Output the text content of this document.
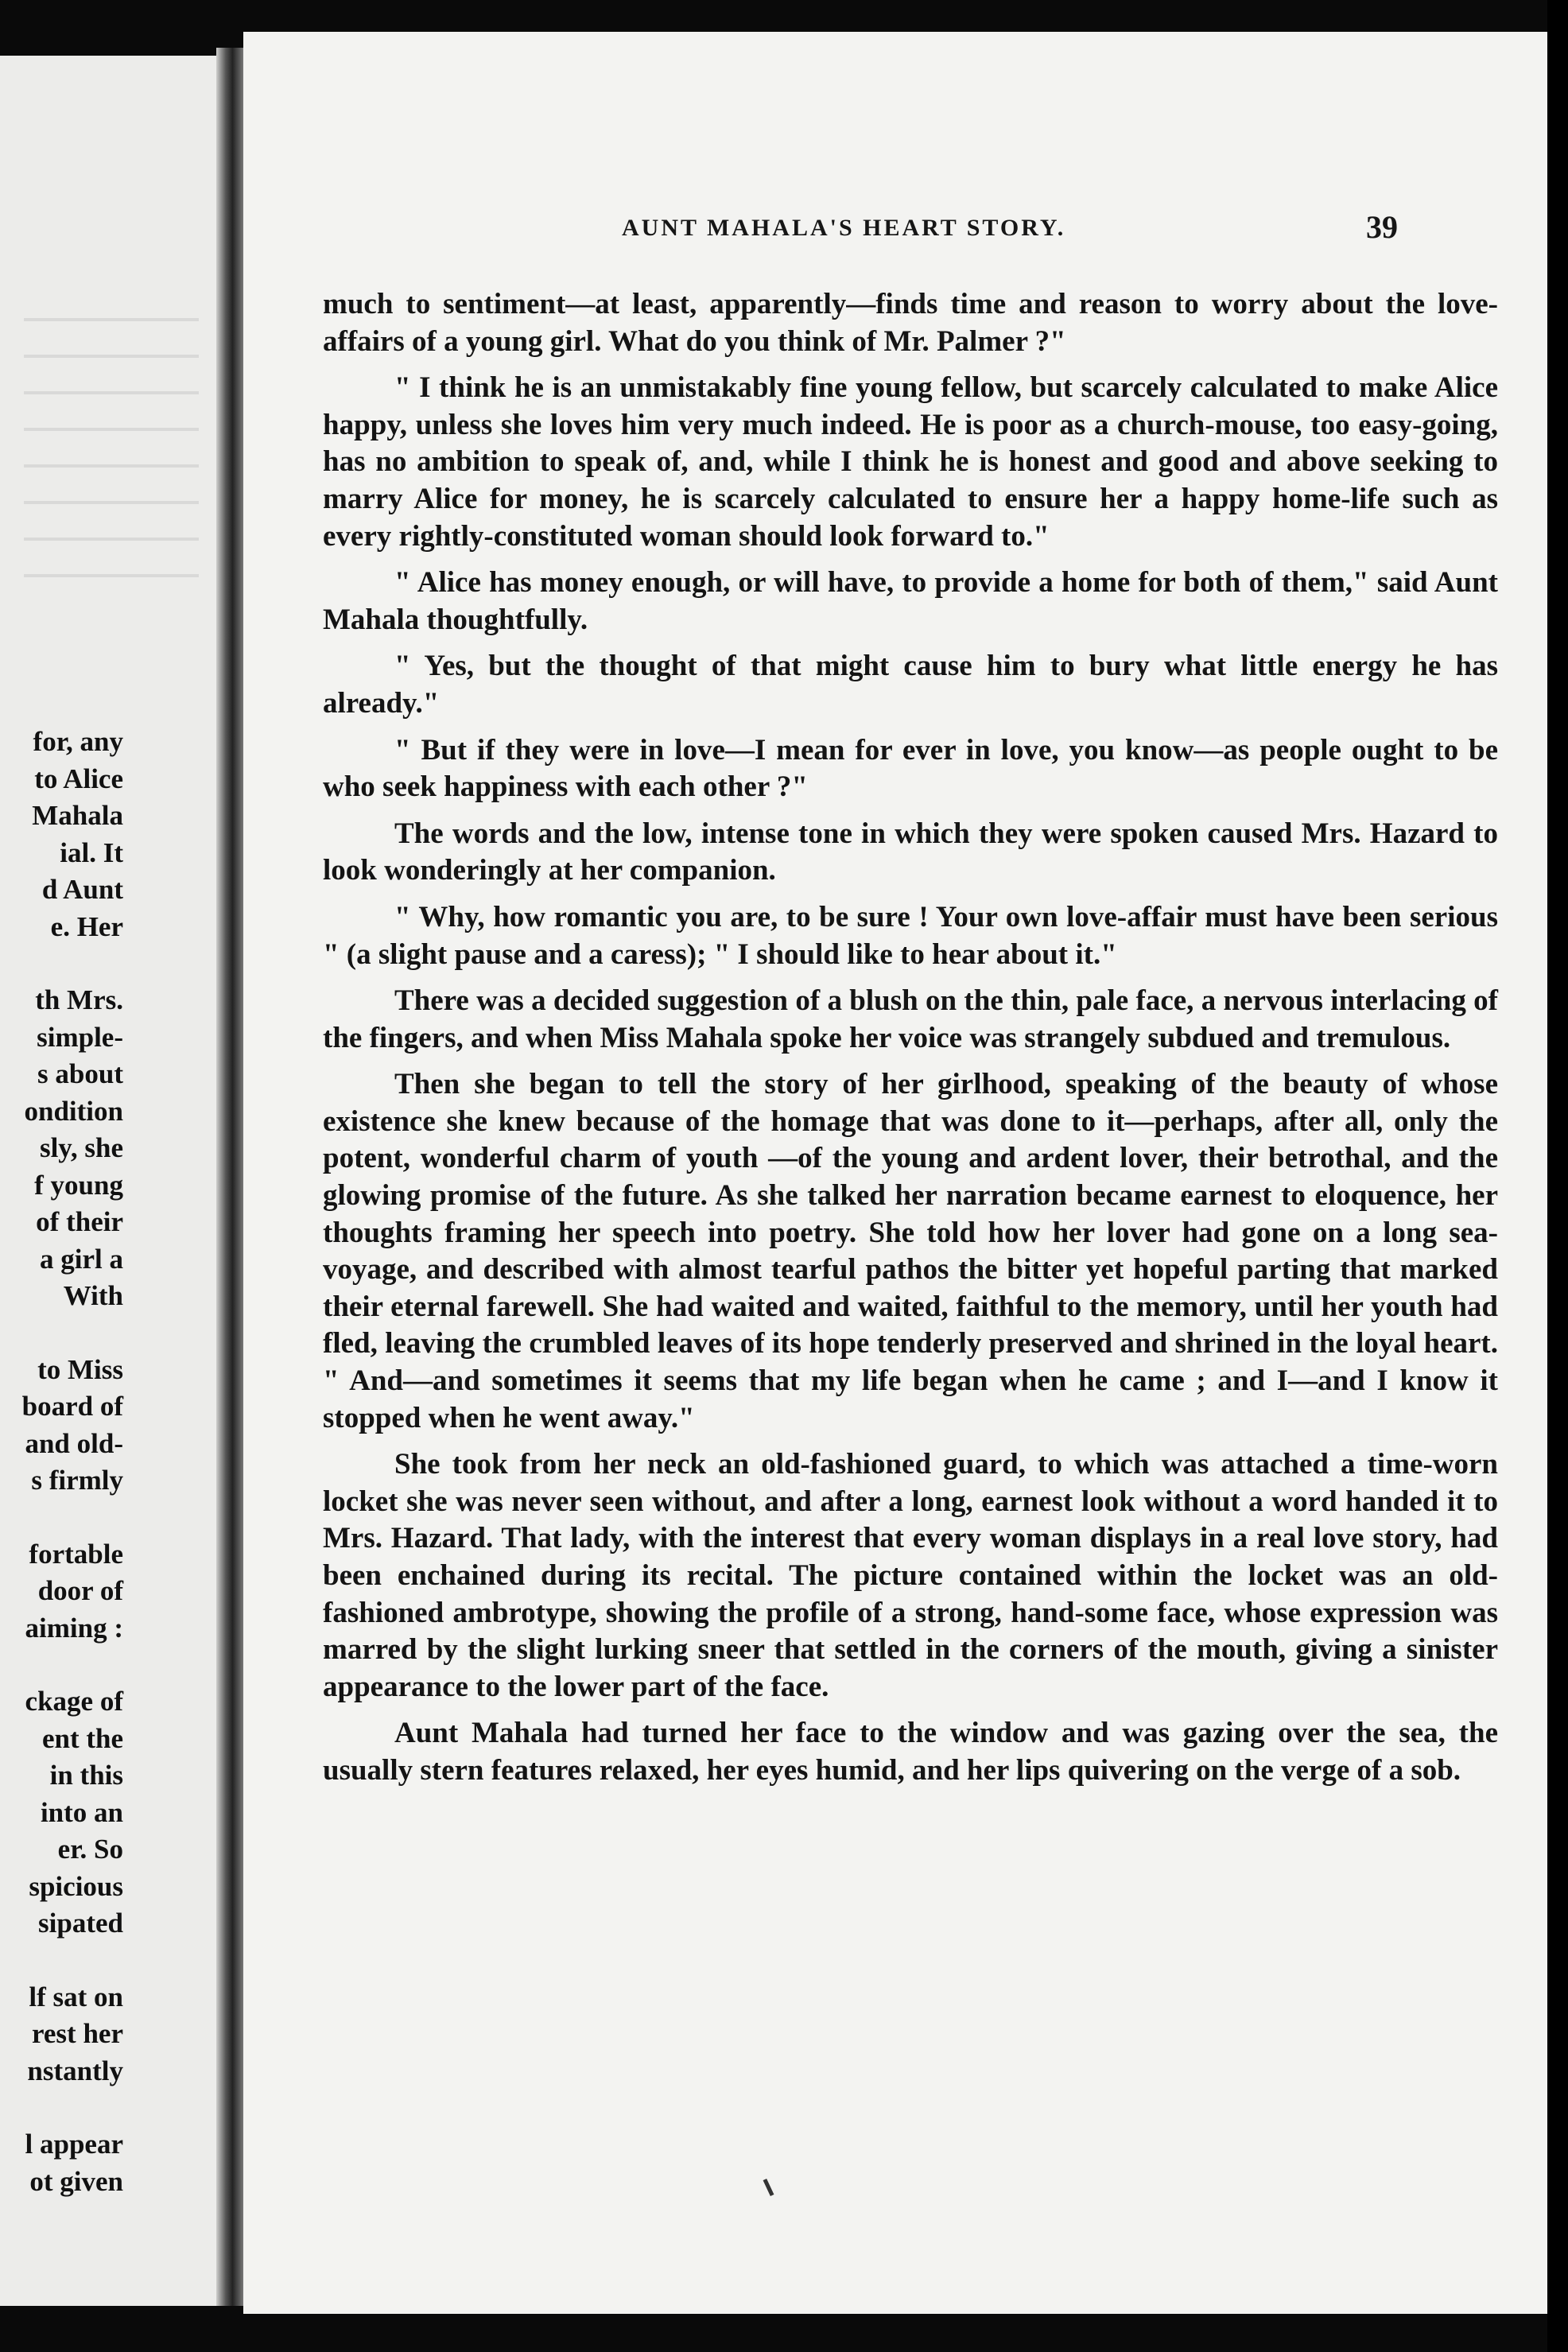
for, any
to Alice
Mahala
ial. It
d Aunt
e. Her
th Mrs.
simple-
s about
ondition
sly, she
f young
of their
a girl a
With
to Miss
board of
and old-
s firmly
fortable
door of
aiming :
ckage of
ent the
in this
into an
er. So
spicious
sipated
lf sat on
rest her
nstantly
l appear
ot given
AUNT MAHALA'S HEART STORY.	39

much to sentiment—at least, apparently—finds time and reason to worry about the love-affairs of a young girl. What do you think of Mr. Palmer ?"

" I think he is an unmistakably fine young fellow, but scarcely calculated to make Alice happy, unless she loves him very much indeed. He is poor as a church-mouse, too easy-going, has no ambition to speak of, and, while I think he is honest and good and above seeking to marry Alice for money, he is scarcely calculated to ensure her a happy home-life such as every rightly-constituted woman should look forward to."

" Alice has money enough, or will have, to provide a home for both of them," said Aunt Mahala thoughtfully.

" Yes, but the thought of that might cause him to bury what little energy he has already."

" But if they were in love—I mean for ever in love, you know—as people ought to be who seek happiness with each other ?"

The words and the low, intense tone in which they were spoken caused Mrs. Hazard to look wonderingly at her companion.

" Why, how romantic you are, to be sure ! Your own love-affair must have been serious " (a slight pause and a caress); " I should like to hear about it."

There was a decided suggestion of a blush on the thin, pale face, a nervous interlacing of the fingers, and when Miss Mahala spoke her voice was strangely subdued and tremulous.

Then she began to tell the story of her girlhood, speaking of the beauty of whose existence she knew because of the homage that was done to it—perhaps, after all, only the potent, wonderful charm of youth —of the young and ardent lover, their betrothal, and the glowing promise of the future. As she talked her narration became earnest to eloquence, her thoughts framing her speech into poetry. She told how her lover had gone on a long sea-voyage, and described with almost tearful pathos the bitter yet hopeful parting that marked their eternal farewell. She had waited and waited, faithful to the memory, until her youth had fled, leaving the crumbled leaves of its hope tenderly preserved and shrined in the loyal heart. " And—and sometimes it seems that my life began when he came ; and I—and I know it stopped when he went away."

She took from her neck an old-fashioned guard, to which was attached a time-worn locket she was never seen without, and after a long, earnest look without a word handed it to Mrs. Hazard. That lady, with the interest that every woman displays in a real love story, had been enchained during its recital. The picture contained within the locket was an old-fashioned ambrotype, showing the profile of a strong, hand-some face, whose expression was marred by the slight lurking sneer that settled in the corners of the mouth, giving a sinister appearance to the lower part of the face.

Aunt Mahala had turned her face to the window and was gazing over the sea, the usually stern features relaxed, her eyes humid, and her lips quivering on the verge of a sob.
